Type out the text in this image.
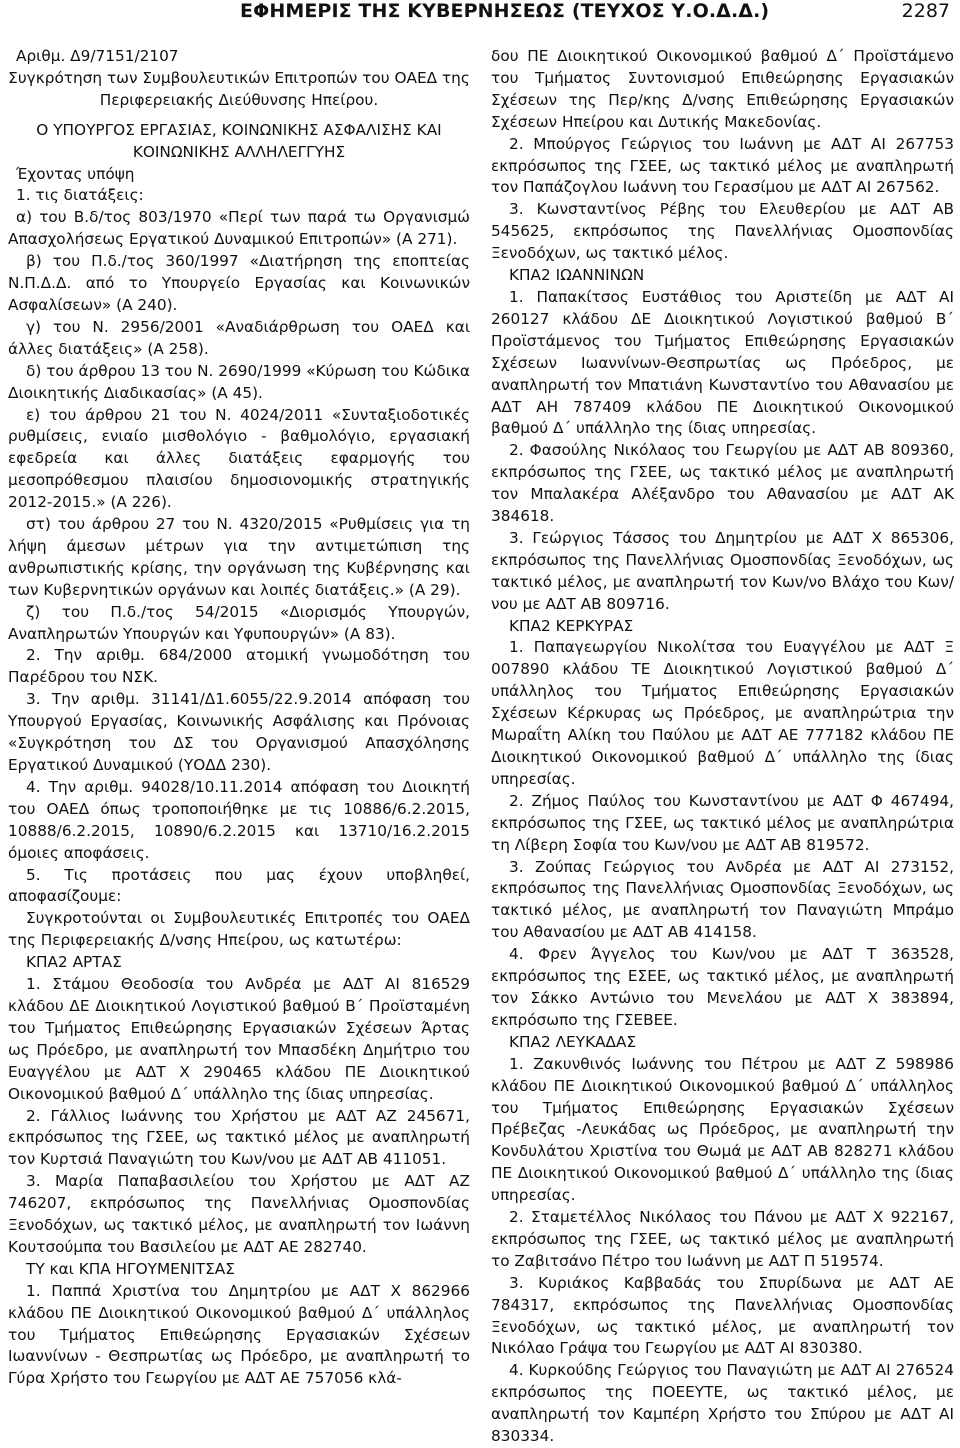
ΕΦΗΜΕΡΙΣ ΤΗΣ ΚΥΒΕΡΝΗΣΕΩΣ (ΤΕΥΧΟΣ Υ.Ο.Δ.Δ.)	2287

Αριθμ. Δ9/7151/2107

Συγκρότηση των Συμβουλευτικών Επιτροπών του ΟΑΕΔ της Περιφερειακής Διεύθυνσης Ηπείρου.

Ο ΥΠΟΥΡΓΟΣ ΕΡΓΑΣΙΑΣ, ΚΟΙΝΩΝΙΚΗΣ ΑΣΦΑΛΙΣΗΣ ΚΑΙ ΚΟΙΝΩΝΙΚΗΣ ΑΛΛΗΛΕΓΓΥΗΣ

Έχοντας υπόψη

1. τις διατάξεις:

α) του Β.δ/τος 803/1970 «Περί των παρά τω Οργανισμώ Απασχολήσεως Εργατικού Δυναμικού Επιτροπών» (Α 271).

β) του Π.δ./τος 360/1997 «Διατήρηση της εποπτείας Ν.Π.Δ.Δ. από το Υπουργείο Εργασίας και Κοινωνικών Ασφαλίσεων» (Α 240).

γ) του Ν. 2956/2001 «Αναδιάρθρωση του ΟΑΕΔ και άλλες διατάξεις» (Α 258).

δ) του άρθρου 13 του Ν. 2690/1999 «Κύρωση του Κώδικα Διοικητικής Διαδικασίας» (Α 45).

ε) του άρθρου 21 του Ν. 4024/2011 «Συνταξιοδοτικές ρυθμίσεις, ενιαίο μισθολόγιο - βαθμολόγιο, εργασιακή εφεδρεία και άλλες διατάξεις εφαρμογής του μεσοπρόθεσμου πλαισίου δημοσιονομικής στρατηγικής 2012-2015.» (Α 226).

στ) του άρθρου 27 του Ν. 4320/2015 «Ρυθμίσεις για τη λήψη άμεσων μέτρων για την αντιμετώπιση της ανθρωπιστικής κρίσης, την οργάνωση της Κυβέρνησης και των Κυβερνητικών οργάνων και λοιπές διατάξεις.» (Α 29).

ζ) του Π.δ./τος 54/2015 «Διορισμός Υπουργών, Αναπληρωτών Υπουργών και Υφυπουργών» (Α 83).

2. Την αριθμ. 684/2000 ατομική γνωμοδότηση του Παρέδρου του ΝΣΚ.

3. Την αριθμ. 31141/Δ1.6055/22.9.2014 απόφαση του Υπουργού Εργασίας, Κοινωνικής Ασφάλισης και Πρόνοιας «Συγκρότηση του ΔΣ του Οργανισμού Απασχόλησης Εργατικού Δυναμικού (ΥΟΔΔ 230).

4. Την αριθμ. 94028/10.11.2014 απόφαση του Διοικητή του ΟΑΕΔ όπως τροποποιήθηκε με τις 10886/6.2.2015, 10888/6.2.2015, 10890/6.2.2015 και 13710/16.2.2015 όμοιες αποφάσεις.

5. Τις προτάσεις που μας έχουν υποβληθεί, αποφασίζουμε:

Συγκροτούνται οι Συμβουλευτικές Επιτροπές του ΟΑΕΔ της Περιφερειακής Δ/νσης Ηπείρου, ως κατωτέρω:

ΚΠΑ2 ΑΡΤΑΣ

1. Στάμου Θεοδοσία του Ανδρέα με ΑΔΤ ΑΙ 816529 κλάδου ΔΕ Διοικητικού Λογιστικού βαθμού Β΄ Προϊσταμένη του Τμήματος Επιθεώρησης Εργασιακών Σχέσεων Άρτας ως Πρόεδρο, με αναπληρωτή τον Μπασδέκη Δημήτριο του Ευαγγέλου με ΑΔΤ Χ 290465 κλάδου ΠΕ Διοικητικού Οικονομικού βαθμού Δ΄ υπάλληλο της ίδιας υπηρεσίας.

2. Γάλλιος Ιωάννης του Χρήστου με ΑΔΤ ΑΖ 245671, εκπρόσωπος της ΓΣΕΕ, ως τακτικό μέλος με αναπληρωτή τον Κυρτσιά Παναγιώτη του Κων/νου με ΑΔΤ ΑΒ 411051.

3. Μαρία Παπαβασιλείου του Χρήστου με ΑΔΤ ΑΖ 746207, εκπρόσωπος της Πανελλήνιας Ομοσπονδίας Ξενοδόχων, ως τακτικό μέλος, με αναπληρωτή τον Ιωάννη Κουτσούμπα του Βασιλείου με ΑΔΤ ΑΕ 282740.

ΤΥ και ΚΠΑ ΗΓΟΥΜΕΝΙΤΣΑΣ

1. Παππά Χριστίνα του Δημητρίου με ΑΔΤ Χ 862966 κλάδου ΠΕ Διοικητικού Οικονομικού βαθμού Δ΄ υπάλληλος του Τμήματος Επιθεώρησης Εργασιακών Σχέσεων Ιωαννίνων - Θεσπρωτίας ως Πρόεδρο, με αναπληρωτή το Γύρα Χρήστο του Γεωργίου με ΑΔΤ ΑΕ 757056 κλά-

δου ΠΕ Διοικητικού Οικονομικού βαθμού Δ΄ Προϊστάμενο του Τμήματος Συντονισμού Επιθεώρησης Εργασιακών Σχέσεων της Περ/κης Δ/νσης Επιθεώρησης Εργασιακών Σχέσεων Ηπείρου και Δυτικής Μακεδονίας.

2. Μπούργος Γεώργιος του Ιωάννη με ΑΔΤ ΑΙ 267753 εκπρόσωπος της ΓΣΕΕ, ως τακτικό μέλος με αναπληρωτή τον Παπάζογλου Ιωάννη του Γερασίμου με ΑΔΤ ΑΙ 267562.

3. Κωνσταντίνος Ρέβης του Ελευθερίου με ΑΔΤ ΑΒ 545625, εκπρόσωπος της Πανελλήνιας Ομοσπονδίας Ξενοδόχων, ως τακτικό μέλος.

ΚΠΑ2 ΙΩΑΝΝΙΝΩΝ

1. Παπακίτσος Ευστάθιος του Αριστείδη με ΑΔΤ ΑΙ 260127 κλάδου ΔΕ Διοικητικού Λογιστικού βαθμού Β΄ Προϊστάμενος του Τμήματος Επιθεώρησης Εργασιακών Σχέσεων Ιωαννίνων-Θεσπρωτίας ως Πρόεδρος, με αναπληρωτή τον Μπατιάνη Κωνσταντίνο του Αθανασίου με ΑΔΤ ΑΗ 787409 κλάδου ΠΕ Διοικητικού Οικονομικού βαθμού Δ΄ υπάλληλο της ίδιας υπηρεσίας.

2. Φασούλης Νικόλαος του Γεωργίου με ΑΔΤ ΑΒ 809360, εκπρόσωπος της ΓΣΕΕ, ως τακτικό μέλος με αναπληρωτή τον Μπαλακέρα Αλέξανδρο του Αθανασίου με ΑΔΤ ΑΚ 384618.

3. Γεώργιος Τάσσος του Δημητρίου με ΑΔΤ Χ 865306, εκπρόσωπος της Πανελλήνιας Ομοσπονδίας Ξενοδόχων, ως τακτικό μέλος, με αναπληρωτή τον Κων/νο Βλάχο του Κων/νου με ΑΔΤ ΑΒ 809716.

ΚΠΑ2 ΚΕΡΚΥΡΑΣ

1. Παπαγεωργίου Νικολίτσα του Ευαγγέλου με ΑΔΤ Ξ 007890 κλάδου ΤΕ Διοικητικού Λογιστικού βαθμού Δ΄ υπάλληλος του Τμήματος Επιθεώρησης Εργασιακών Σχέσεων Κέρκυρας ως Πρόεδρος, με αναπληρώτρια την Μωραΐτη Αλίκη του Παύλου με ΑΔΤ ΑΕ 777182 κλάδου ΠΕ Διοικητικού Οικονομικού βαθμού Δ΄ υπάλληλο της ίδιας υπηρεσίας.

2. Ζήμος Παύλος του Κωνσταντίνου με ΑΔΤ Φ 467494, εκπρόσωπος της ΓΣΕΕ, ως τακτικό μέλος με αναπληρώτρια τη Λίβερη Σοφία του Κων/νου με ΑΔΤ ΑΒ 819572.

3. Ζούπας Γεώργιος του Ανδρέα με ΑΔΤ ΑΙ 273152, εκπρόσωπος της Πανελλήνιας Ομοσπονδίας Ξενοδόχων, ως τακτικό μέλος, με αναπληρωτή τον Παναγιώτη Μπράμο του Αθανασίου με ΑΔΤ ΑΒ 414158.

4. Φρεν Άγγελος του Κων/νου με ΑΔΤ Τ 363528, εκπρόσωπος της ΕΣΕΕ, ως τακτικό μέλος, με αναπληρωτή τον Σάκκο Αντώνιο του Μενελάου με ΑΔΤ Χ 383894, εκπρόσωπο της ΓΣΕΒΕΕ.

ΚΠΑ2 ΛΕΥΚΑΔΑΣ

1. Ζακυνθινός Ιωάννης του Πέτρου με ΑΔΤ Ζ 598986 κλάδου ΠΕ Διοικητικού Οικονομικού βαθμού Δ΄ υπάλληλος του Τμήματος Επιθεώρησης Εργασιακών Σχέσεων Πρέβεζας -Λευκάδας ως Πρόεδρος, με αναπληρωτή την Κονδυλάτου Χριστίνα του Θωμά με ΑΔΤ ΑΒ 828271 κλάδου ΠΕ Διοικητικού Οικονομικού βαθμού Δ΄ υπάλληλο της ίδιας υπηρεσίας.

2. Σταμετέλλος Νικόλαος του Πάνου με ΑΔΤ Χ 922167, εκπρόσωπος της ΓΣΕΕ, ως τακτικό μέλος με αναπληρωτή το Ζαβιτσάνο Πέτρο του Ιωάννη με ΑΔΤ Π 519574.

3. Κυριάκος Καββαδάς του Σπυρίδωνα με ΑΔΤ ΑΕ 784317, εκπρόσωπος της Πανελλήνιας Ομοσπονδίας Ξενοδόχων, ως τακτικό μέλος, με αναπληρωτή τον Νικόλαο Γράψα του Γεωργίου με ΑΔΤ ΑΙ 830380.

4. Κυρκούδης Γεώργιος του Παναγιώτη με ΑΔΤ ΑΙ 276524 εκπρόσωπος της ΠΟΕΕΥΤΕ, ως τακτικό μέλος, με αναπληρωτή τον Καμπέρη Χρήστο του Σπύρου με ΑΔΤ ΑΙ 830334.
